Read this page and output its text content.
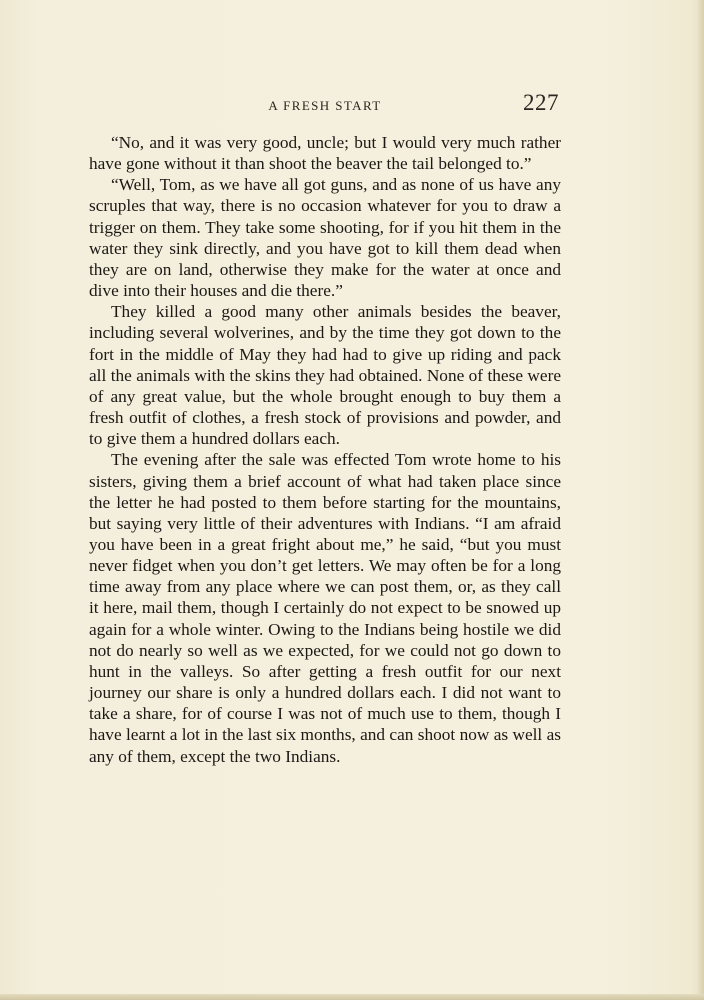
A FRESH START	227

“No, and it was very good, uncle; but I would very much rather have gone without it than shoot the beaver the tail belonged to.”

“Well, Tom, as we have all got guns, and as none of us have any scruples that way, there is no occasion whatever for you to draw a trigger on them. They take some shooting, for if you hit them in the water they sink directly, and you have got to kill them dead when they are on land, otherwise they make for the water at once and dive into their houses and die there.”

They killed a good many other animals besides the beaver, including several wolverines, and by the time they got down to the fort in the middle of May they had had to give up riding and pack all the animals with the skins they had obtained. None of these were of any great value, but the whole brought enough to buy them a fresh outfit of clothes, a fresh stock of provisions and powder, and to give them a hundred dollars each.

The evening after the sale was effected Tom wrote home to his sisters, giving them a brief account of what had taken place since the letter he had posted to them before starting for the mountains, but saying very little of their adventures with Indians. “I am afraid you have been in a great fright about me,” he said, “but you must never fidget when you don’t get letters. We may often be for a long time away from any place where we can post them, or, as they call it here, mail them, though I certainly do not expect to be snowed up again for a whole winter. Owing to the Indians being hostile we did not do nearly so well as we expected, for we could not go down to hunt in the valleys. So after getting a fresh outfit for our next journey our share is only a hundred dollars each. I did not want to take a share, for of course I was not of much use to them, though I have learnt a lot in the last six months, and can shoot now as well as any of them, except the two Indians.
